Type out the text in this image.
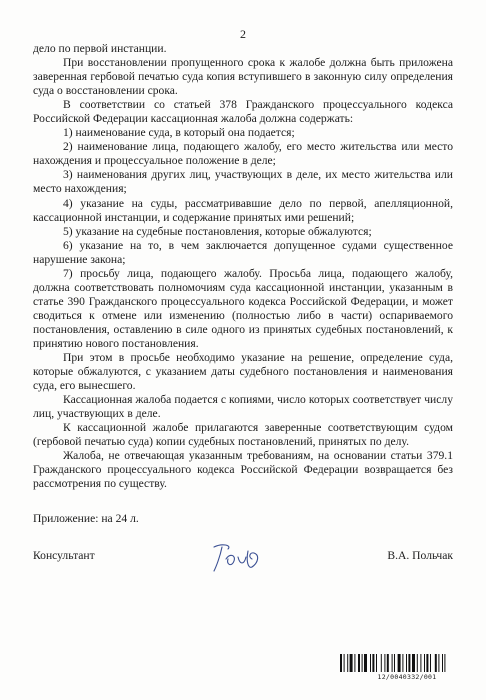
2

дело по первой инстанции.

При восстановлении пропущенного срока к жалобе должна быть приложена заверенная гербовой печатью суда копия вступившего в законную силу определения суда о восстановлении срока.

В соответствии со статьей 378 Гражданского процессуального кодекса Российской Федерации кассационная жалоба должна содержать:

1) наименование суда, в который она подается;

2) наименование лица, подающего жалобу, его место жительства или место нахождения и процессуальное положение в деле;

3) наименования других лиц, участвующих в деле, их место жительства или место нахождения;

4) указание на суды, рассматривавшие дело по первой, апелляционной, кассационной инстанции, и содержание принятых ими решений;

5) указание на судебные постановления, которые обжалуются;

6) указание на то, в чем заключается допущенное судами существенное нарушение закона;

7) просьбу лица, подающего жалобу. Просьба лица, подающего жалобу, должна соответствовать полномочиям суда кассационной инстанции, указанным в статье 390 Гражданского процессуального кодекса Российской Федерации, и может сводиться к отмене или изменению (полностью либо в части) оспариваемого постановления, оставлению в силе одного из принятых судебных постановлений, к принятию нового постановления.

При этом в просьбе необходимо указание на решение, определение суда, которые обжалуются, с указанием даты судебного постановления и наименования суда, его вынесшего.

Кассационная жалоба подается с копиями, число которых соответствует числу лиц, участвующих в деле.

К кассационной жалобе прилагаются заверенные соответствующим судом (гербовой печатью суда) копии судебных постановлений, принятых по делу.

Жалоба, не отвечающая указанным требованиям, на основании статьи 379.1 Гражданского процессуального кодекса Российской Федерации возвращается без рассмотрения по существу.

Приложение: на 24 л.

Консультант	В.А. Польчак
12/0040332/001
